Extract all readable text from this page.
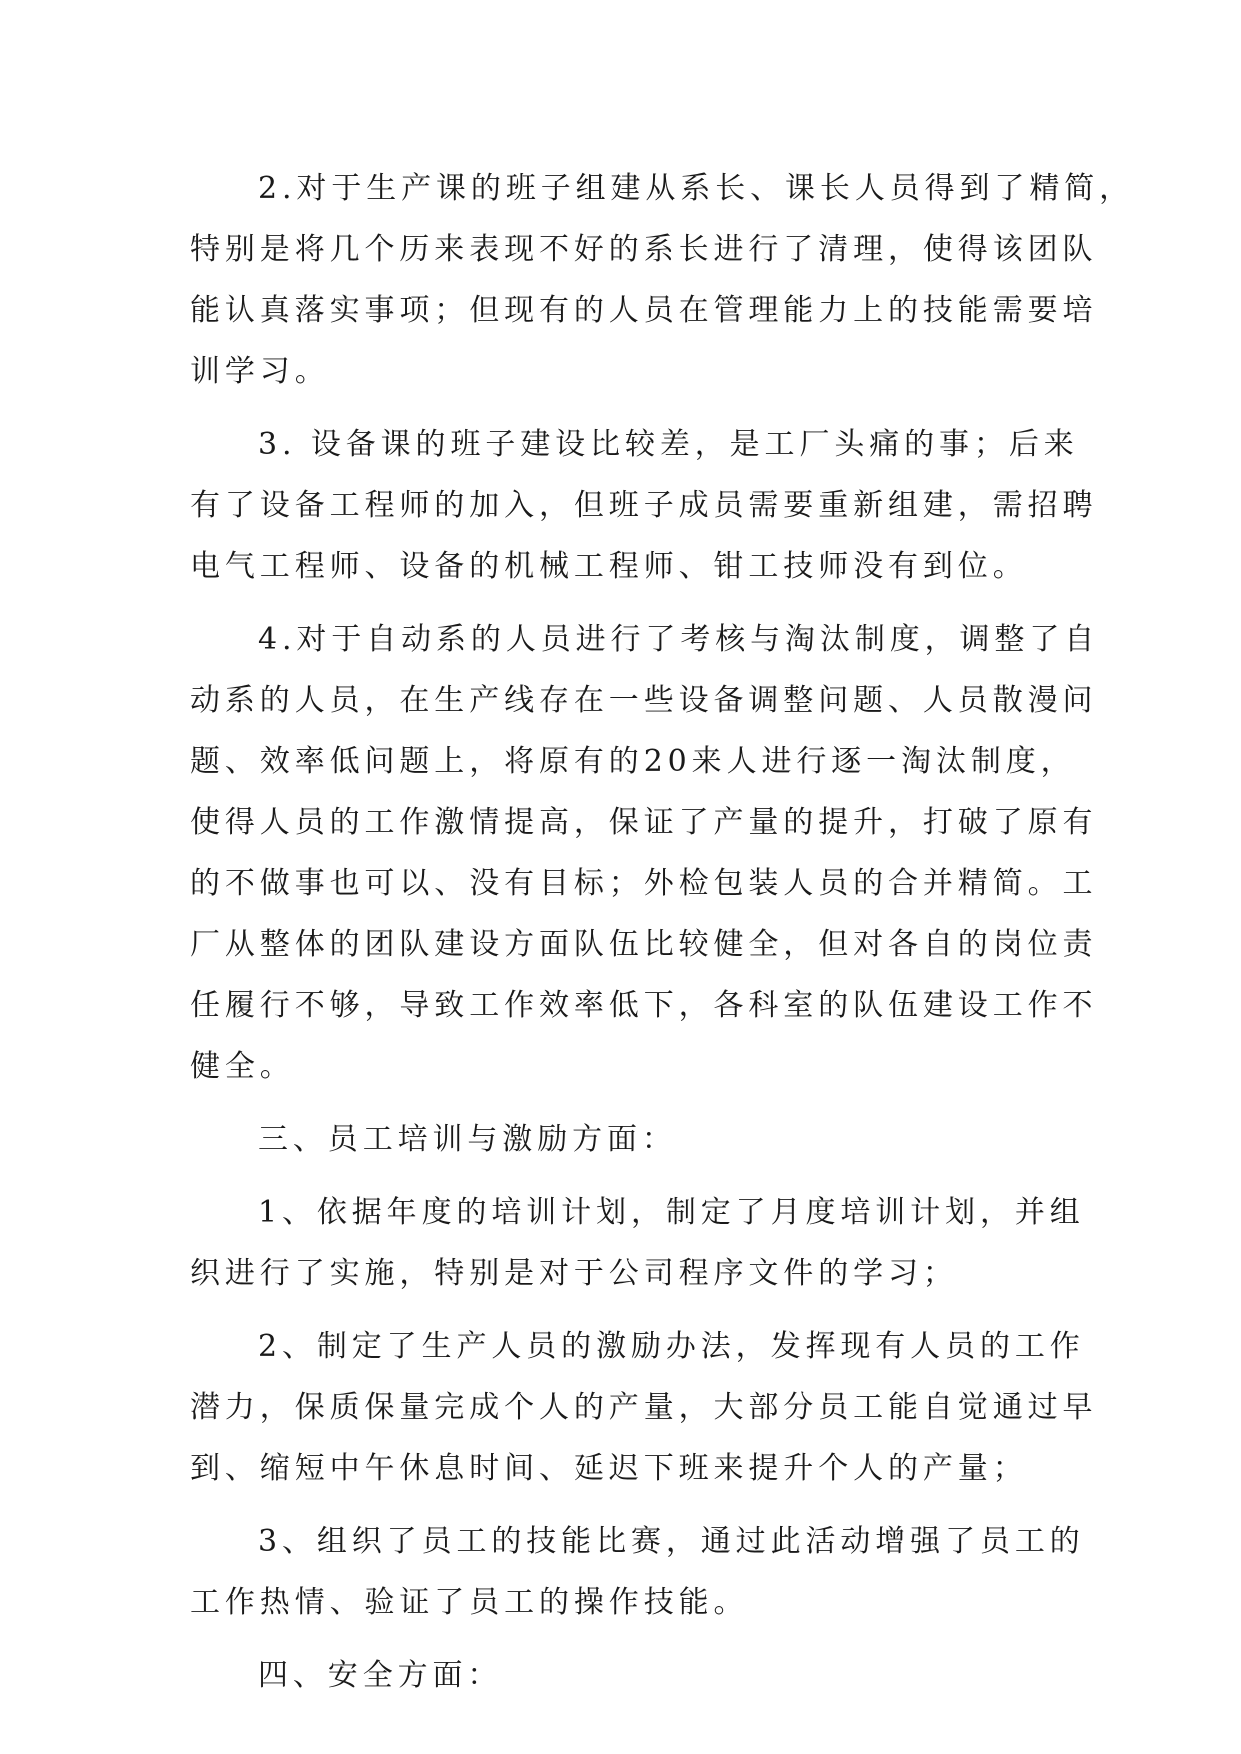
2.对于生产课的班子组建从系长、课长人员得到了精简，
特别是将几个历来表现不好的系长进行了清理，使得该团队
能认真落实事项；但现有的人员在管理能力上的技能需要培
训学习。
3. 设备课的班子建设比较差，是工厂头痛的事；后来
有了设备工程师的加入，但班子成员需要重新组建，需招聘
电气工程师、设备的机械工程师、钳工技师没有到位。
4.对于自动系的人员进行了考核与淘汰制度，调整了自
动系的人员，在生产线存在一些设备调整问题、人员散漫问
题、效率低问题上，将原有的20来人进行逐一淘汰制度，
使得人员的工作激情提高，保证了产量的提升，打破了原有
的不做事也可以、没有目标；外检包装人员的合并精简。工
厂从整体的团队建设方面队伍比较健全，但对各自的岗位责
任履行不够，导致工作效率低下，各科室的队伍建设工作不
健全。
三、员工培训与激励方面：
1、依据年度的培训计划，制定了月度培训计划，并组
织进行了实施，特别是对于公司程序文件的学习；
2、制定了生产人员的激励办法，发挥现有人员的工作
潜力，保质保量完成个人的产量，大部分员工能自觉通过早
到、缩短中午休息时间、延迟下班来提升个人的产量；
3、组织了员工的技能比赛，通过此活动增强了员工的
工作热情、验证了员工的操作技能。
四、安全方面：
